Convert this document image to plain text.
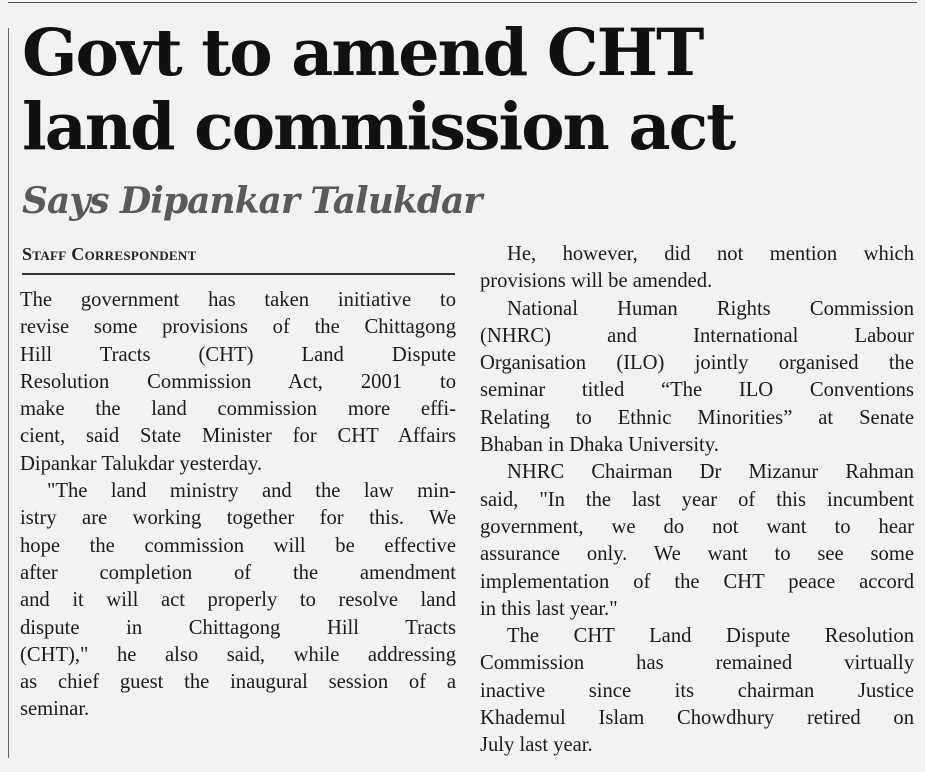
Govt to amend CHT
land commission act
Says Dipankar Talukdar
Staff Correspondent
The government has taken initiative to
revise some provisions of the Chittagong
Hill Tracts (CHT) Land Dispute
Resolution Commission Act, 2001 to
make the land commission more effi-
cient, said State Minister for CHT Affairs
Dipankar Talukdar yesterday.
"The land ministry and the law min-
istry are working together for this. We
hope the commission will be effective
after completion of the amendment
and it will act properly to resolve land
dispute in Chittagong Hill Tracts
(CHT)," he also said, while addressing
as chief guest the inaugural session of a
seminar.
He, however, did not mention which
provisions will be amended.
National Human Rights Commission
(NHRC) and International Labour
Organisation (ILO) jointly organised the
seminar titled “The ILO Conventions
Relating to Ethnic Minorities” at Senate
Bhaban in Dhaka University.
NHRC Chairman Dr Mizanur Rahman
said, "In the last year of this incumbent
government, we do not want to hear
assurance only. We want to see some
implementation of the CHT peace accord
in this last year."
The CHT Land Dispute Resolution
Commission has remained virtually
inactive since its chairman Justice
Khademul Islam Chowdhury retired on
July last year.
